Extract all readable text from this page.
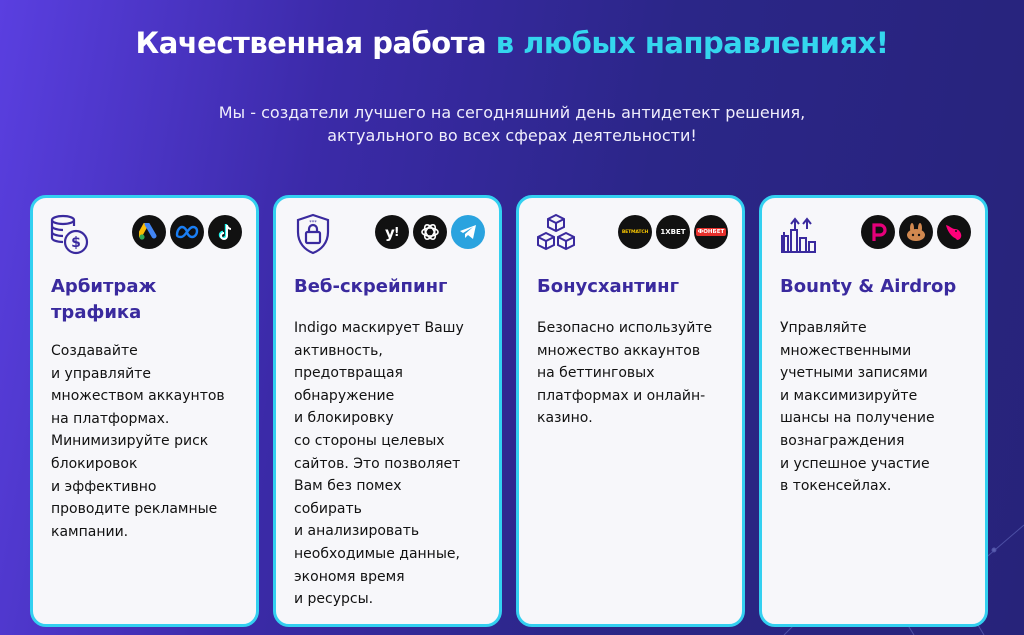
Качественная работа в любых направлениях!
Мы - создатели лучшего на сегодняшний день антидетект решения,
актуального во всех сферах деятельности!
$
Арбитраж
трафика

Создавайте
и управляйте
множеством аккаунтов
на платформах.
Минимизируйте риск
блокировок
и эффективно
проводите рекламные
кампании.

***
y !
Веб-скрейпинг

Indigo маскирует Вашу
активность,
предотвращая
обнаружение
и блокировку
со стороны целевых
сайтов. Это позволяет
Вам без помех
собирать
и анализировать
необходимые данные,
экономя время
и ресурсы.

BETMATCH 1XBET	ФОНБЕТ
Бонусхантинг

Безопасно используйте
множество аккаунтов
на беттинговых
платформах и онлайн-
казино.

Bounty & Airdrop

Управляйте
множественными
учетными записями
и максимизируйте
шансы на получение
вознаграждения
и успешное участие
в токенсейлах.
